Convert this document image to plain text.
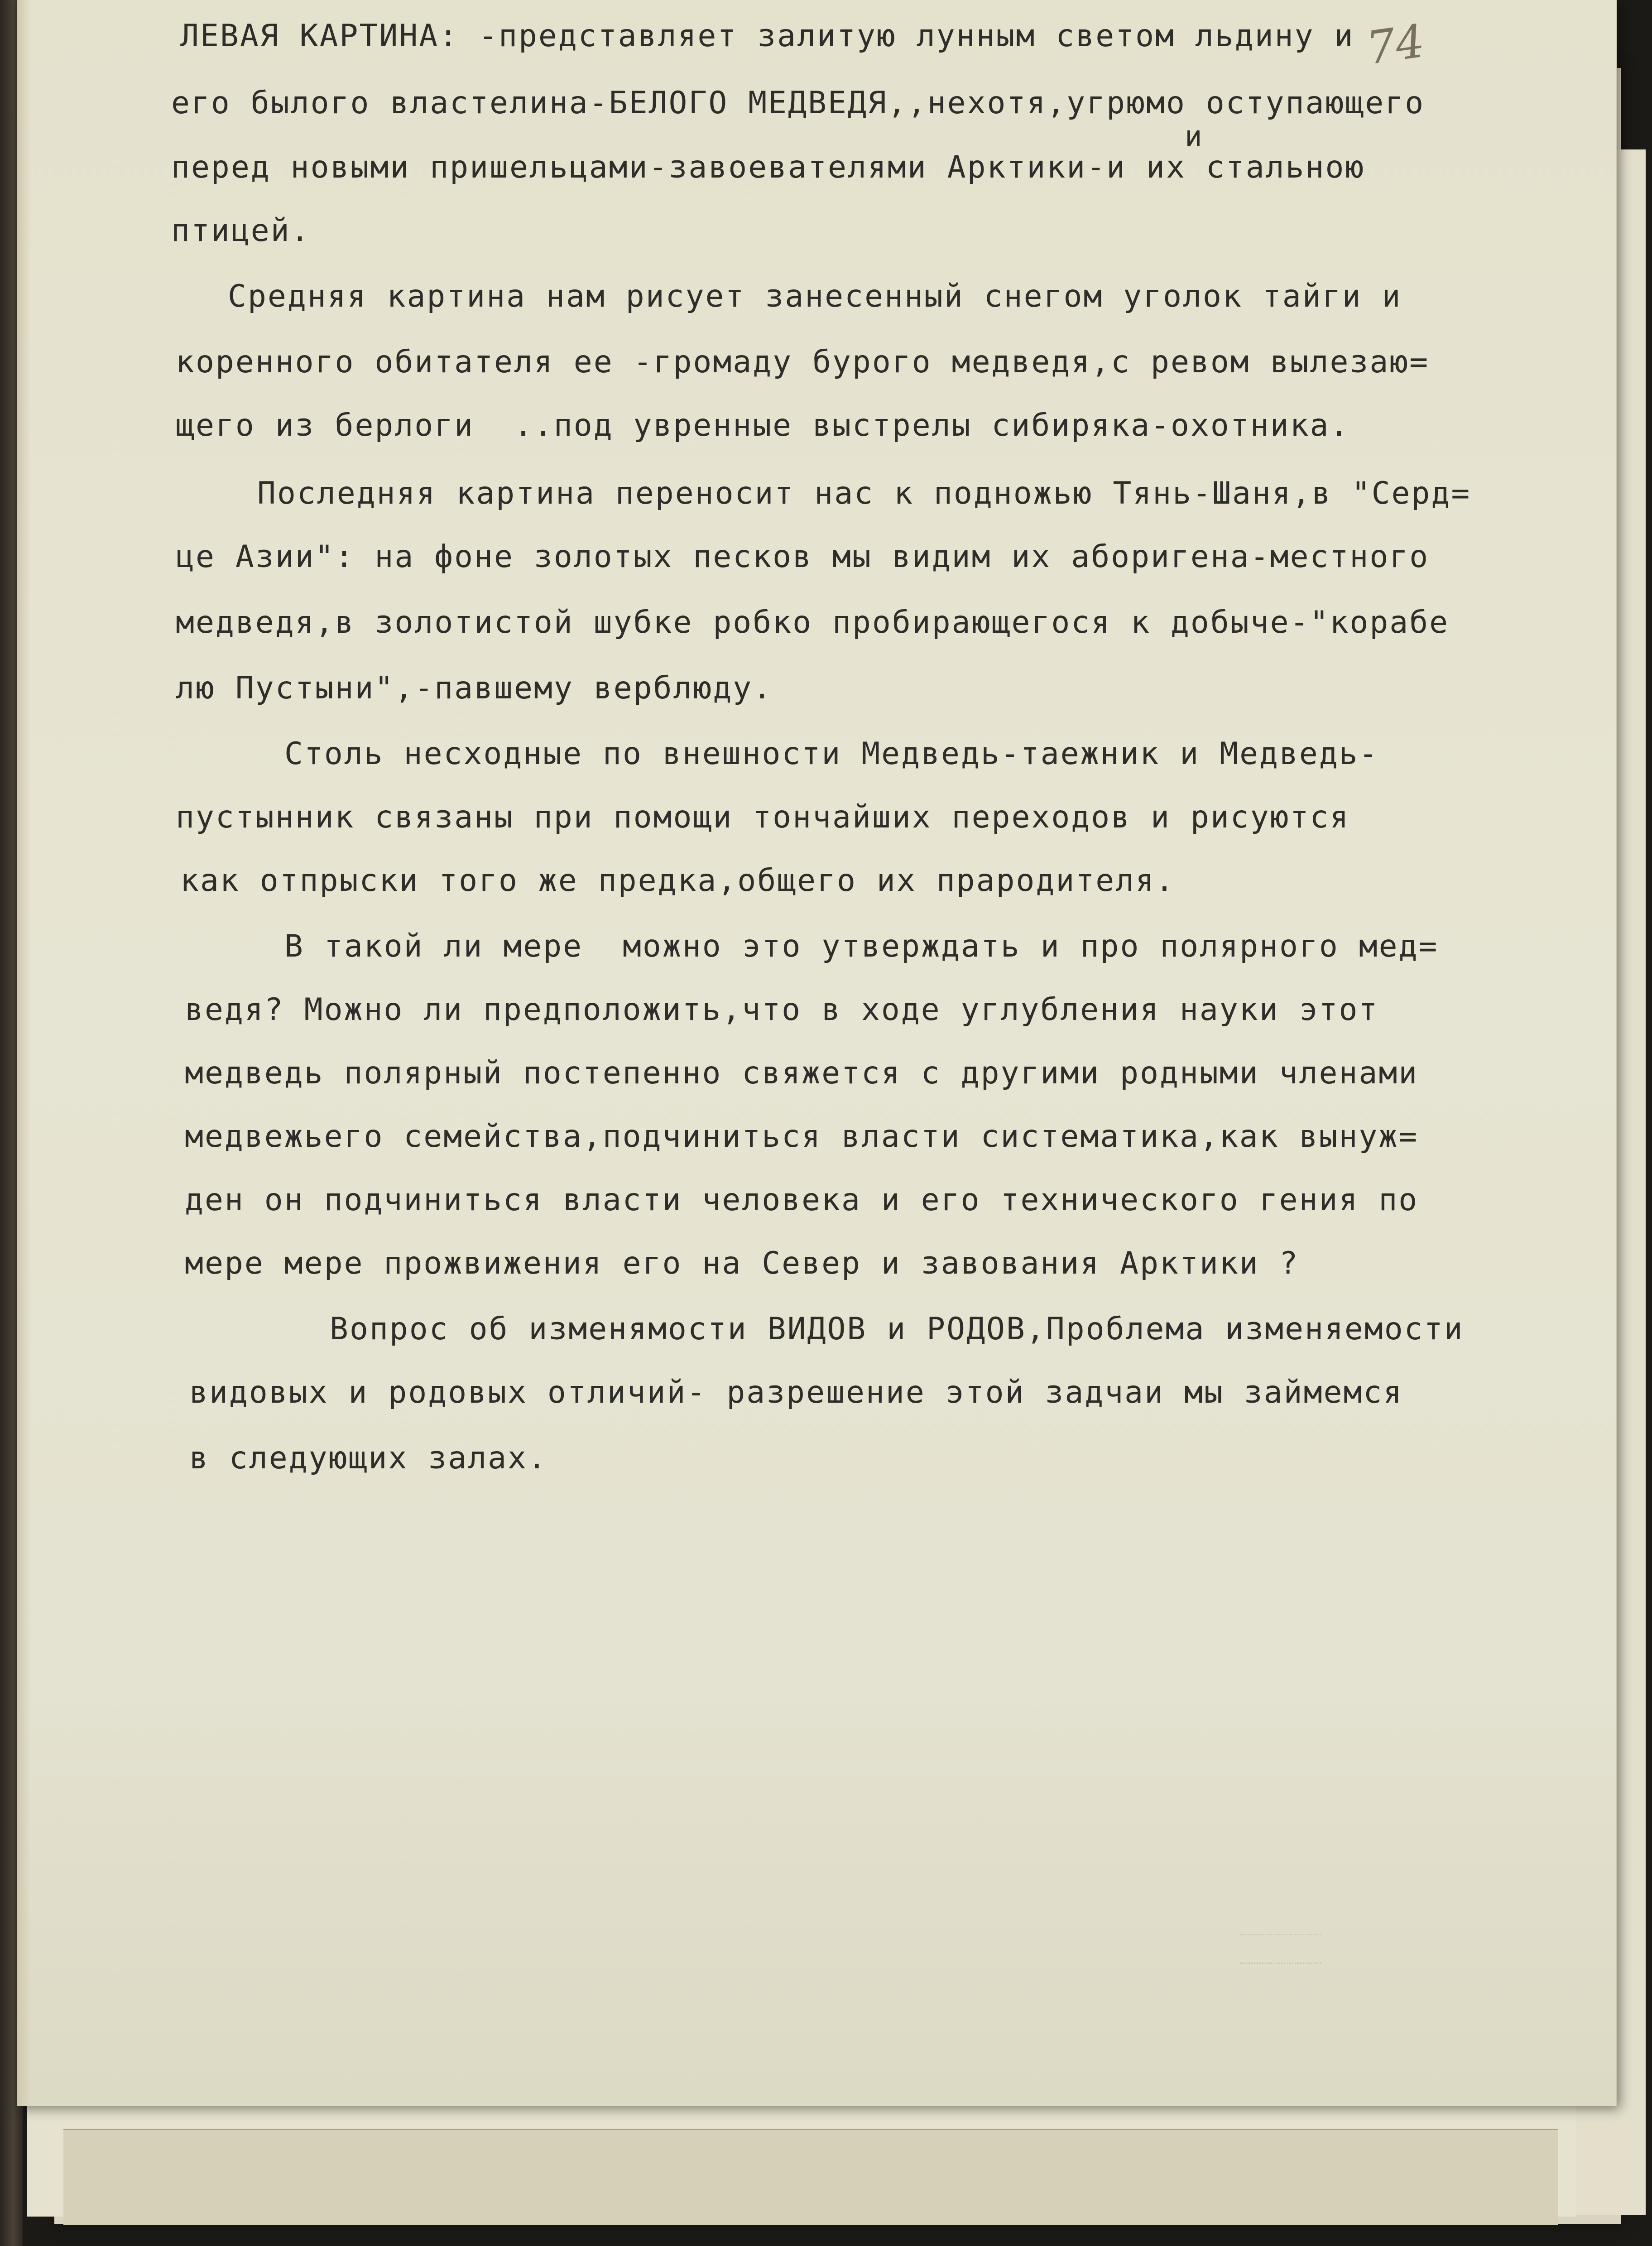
74
и
ЛЕВАЯ КАРТИНА: -представляет залитую лунным светом льдину и
его былого властелина-БЕЛОГО МЕДВЕДЯ,,нехотя,угрюмо оступающего
перед новыми пришельцами-завоевателями Арктики-и их стальною
птицей.
Средняя картина нам рисует занесенный снегом уголок тайги и
коренного обитателя ее -громаду бурого медведя,с ревом вылезаю=
щего из берлоги  ..под увренные выстрелы сибиряка-охотника.
Последняя картина переносит нас к подножью Тянь-Шаня,в "Серд=
це Азии": на фоне золотых песков мы видим их аборигена-местного
медведя,в золотистой шубке робко пробирающегося к добыче-"корабе
лю Пустыни",-павшему верблюду.
Столь несходные по внешности Медведь-таежник и Медведь-
пустынник связаны при помощи тончайших переходов и рисуются
как отпрыски того же предка,общего их прародителя.
В такой ли мере  можно это утверждать и про полярного мед=
ведя? Можно ли предположить,что в ходе углубления науки этот
медведь полярный постепенно свяжется с другими родными членами
медвежьего семейства,подчиниться власти систематика,как вынуж=
ден он подчиниться власти человека и его технического гения по
мере мере прожвижения его на Север и завования Арктики ?
Вопрос об изменямости ВИДОВ и РОДОВ,Проблема изменяемости
видовых и родовых отличий- разрешение этой задчаи мы займемся
в следующих залах.
